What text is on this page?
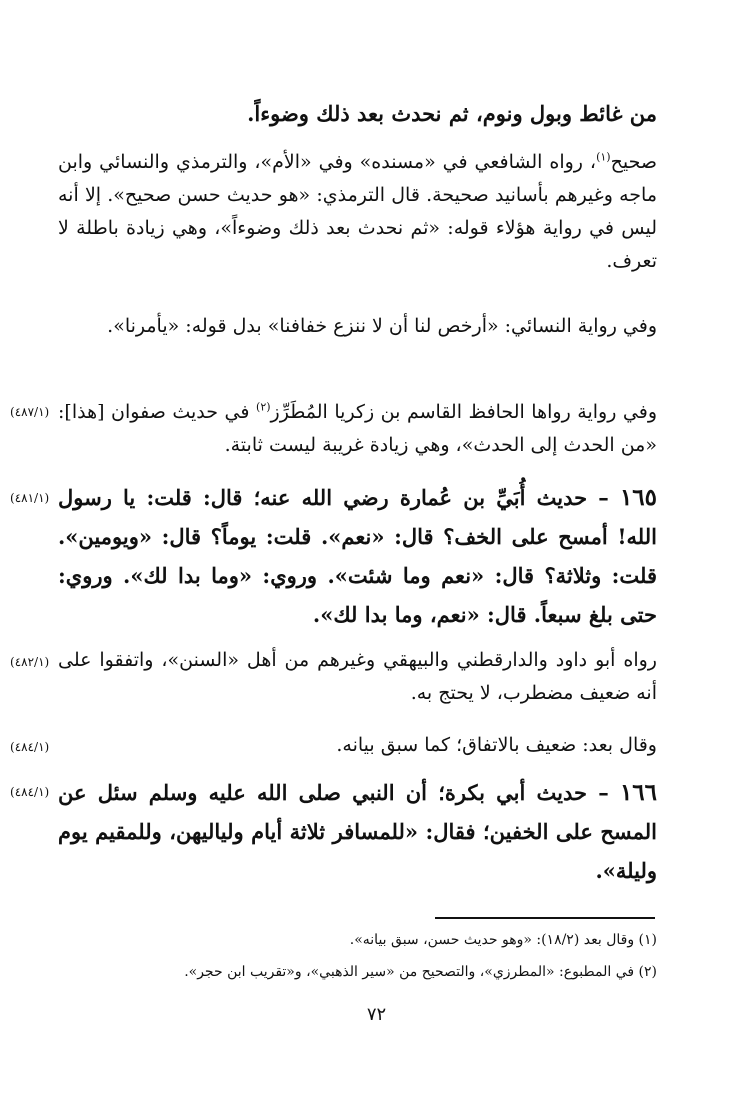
من غائط وبول ونوم، ثم نحدث بعد ذلك وضوءاً.
صحيح$^{(١)}$، رواه الشافعي في «مسنده» وفي «الأم»، والترمذي والنسائي وابن ماجه وغيرهم بأسانيد صحيحة. قال الترمذي: «هو حديث حسن صحيح». إلا أنه ليس في رواية هؤلاء قوله: «ثم نحدث بعد ذلك وضوءاً»، وهي زيادة باطلة لا تعرف.
وفي رواية النسائي: «أرخص لنا أن لا ننزع خفافنا» بدل قوله: «يأمرنا».
(٤٨٧/١)	وفي رواية رواها الحافظ القاسم بن زكريا المُطَرِّز$^{(٢)}$ في حديث صفوان [هذا]: «من الحدث إلى الحدث»، وهي زيادة غريبة ليست ثابتة.
(٤٨١/١)	١٦٥ – حديث أُبَيِّ بن عُمارة رضي الله عنه؛ قال: قلت: يا رسول الله! أمسح على الخف؟ قال: «نعم». قلت: يوماً؟ قال: «ويومين». قلت: وثلاثة؟ قال: «نعم وما شئت». وروي: «وما بدا لك». وروي: حتى بلغ سبعاً. قال: «نعم، وما بدا لك».
(٤٨٢/١) رواه أبو داود والدارقطني والبيهقي وغيرهم من أهل «السنن»، واتفقوا على أنه ضعيف مضطرب، لا يحتج به.
(٤٨٤/١)	وقال بعد: ضعيف بالاتفاق؛ كما سبق بيانه.
(٤٨٤/١)	١٦٦ – حديث أبي بكرة؛ أن النبي صلى الله عليه وسلم سئل عن المسح على الخفين؛ فقال: «للمسافر ثلاثة أيام ولياليهن، وللمقيم يوم وليلة».
(١) وقال بعد (١٨/٢): «وهو حديث حسن، سبق بيانه».
(٢) في المطبوع: «المطرزي»، والتصحيح من «سير الذهبي»، و«تقريب ابن حجر».
٧٢
